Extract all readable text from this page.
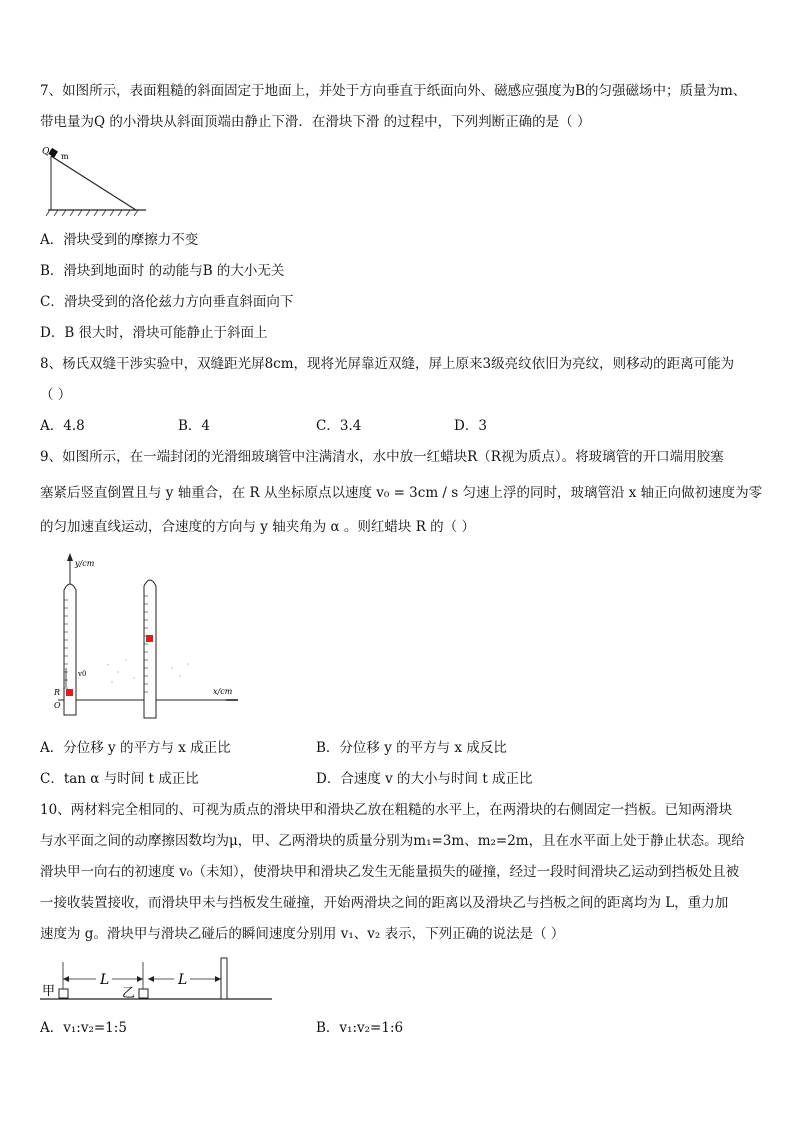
7、如图所示，表面粗糙的斜面固定于地面上，并处于方向垂直于纸面向外、磁感应强度为B的匀强磁场中；质量为m、
带电量为Q 的小滑块从斜面顶端由静止下滑．在滑块下滑 的过程中，下列判断正确的是（ ）
Q m
A．滑块受到的摩擦力不变
B．滑块到地面时 的动能与B 的大小无关
C．滑块受到的洛伦兹力方向垂直斜面向下
D．B 很大时，滑块可能静止于斜面上
8、杨氏双缝干涉实验中，双缝距光屏8cm，现将光屏靠近双缝，屏上原来3级亮纹依旧为亮纹，则移动的距离可能为
（ ）
A．4.8	B．4	C．3.4	D．3
9、如图所示，在一端封闭的光滑细玻璃管中注满清水，水中放一红蜡块R（R视为质点）。将玻璃管的开口端用胶塞
塞紧后竖直倒置且与 y 轴重合，在 R 从坐标原点以速度 v₀ = 3cm / s 匀速上浮的同时，玻璃管沿 x 轴正向做初速度为零
的匀加速直线运动，合速度的方向与 y 轴夹角为 α 。则红蜡块 R 的（ ）
y/cm
x/cm
v0
R
O
A．分位移 y 的平方与 x 成正比	B．分位移 y 的平方与 x 成反比
C．tan α 与时间 t 成正比	D．合速度 v 的大小与时间 t 成正比
10、两材料完全相同的、可视为质点的滑块甲和滑块乙放在粗糙的水平上，在两滑块的右侧固定一挡板。已知两滑块
与水平面之间的动摩擦因数均为μ，甲、乙两滑块的质量分别为m₁=3m、m₂=2m，且在水平面上处于静止状态。现给
滑块甲一向右的初速度 v₀（未知），使滑块甲和滑块乙发生无能量损失的碰撞，经过一段时间滑块乙运动到挡板处且被
一接收装置接收，而滑块甲未与挡板发生碰撞，开始两滑块之间的距离以及滑块乙与挡板之间的距离均为 L，重力加
速度为 g。滑块甲与滑块乙碰后的瞬间速度分别用 v₁、v₂ 表示，下列正确的说法是（ ）
甲
L
乙
L
A．v₁:v₂=1:5	B．v₁:v₂=1:6
